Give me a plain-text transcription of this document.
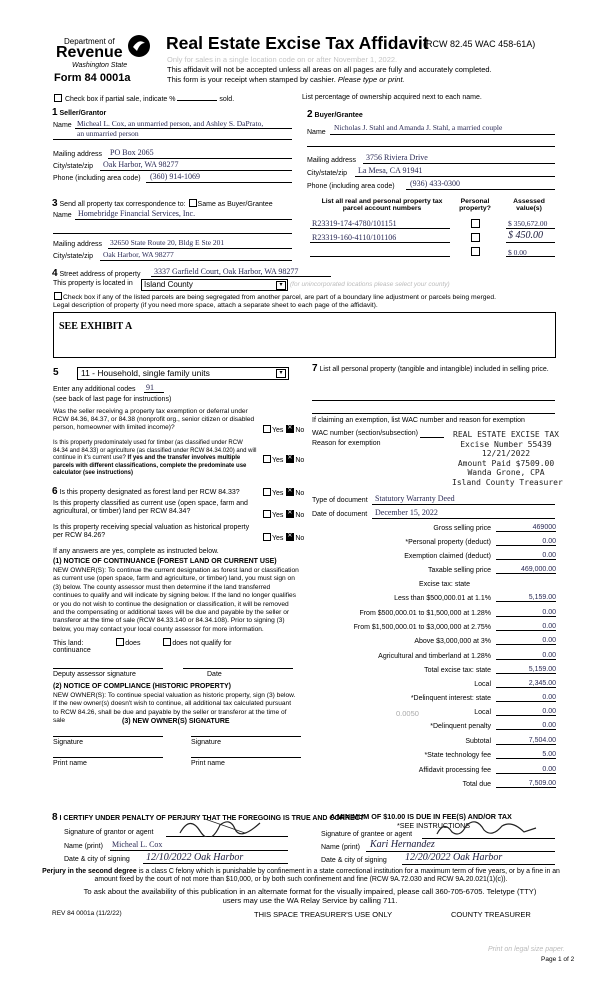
Department of
Revenue
Washington State
Form 84 0001a
Real Estate Excise Tax Affidavit
(RCW 82.45 WAC 458-61A)
Only for sales in a single location code on or after November 1, 2022.
This affidavit will not be accepted unless all areas on all pages are fully and accurately completed.
This form is your receipt when stamped by cashier. Please type or print.
Check box if partial sale, indicate %	sold.	List percentage of ownership acquired next to each name.
1 Seller/Grantor
Name Micheal L. Cox, an unmarried person, and Ashley S. DaPrato,
an unmarried person
Mailing address PO Box 2065
City/state/zip Oak Harbor, WA 98277
Phone (including area code) (360) 914-1069
2 Buyer/Grantee
Name
Nicholas J. Stahl and Amanda J. Stahl, a married couple
Mailing address 3756 Riviera Drive
City/state/zip La Mesa, CA 91941
Phone (including area code) (936) 433-0300
3 Send all property tax correspondence to: Same as Buyer/Grantee
Name Homebridge Financial Services, Inc.
Mailing address 32650 State Route 20, Bldg E Ste 201
City/state/zip Oak Harbor, WA 98277
List all real and personal property tax parcel account numbers
Personal property?
Assessed value(s)
R23319-174-4780/101151	$ 350,672.00
R23319-160-4110/101106	$ 450.00
$ 0.00
4 Street address of property 3337 Garfield Court, Oak Harbor, WA 98277
This property is located in Island County	▾	(for unincorporated locations please select your county)
Check box if any of the listed parcels are being segregated from another parcel, are part of a boundary line adjustment or parcels being merged.
Legal description of property (if you need more space, attach a separate sheet to each page of the affidavit).
SEE EXHIBIT A
5	11 - Household, single family units	▾
Enter any additional codes 91
(see back of last page for instructions)
Was the seller receiving a property tax exemption or deferral under RCW 84.36, 84.37, or 84.38 (nonprofit org., senior citizen or disabled person, homeowner with limited income)?	Yes ✕ No
Is this property predominately used for timber (as classified under RCW 84.34 and 84.33) or agriculture (as classified under RCW 84.34.020) and will continue in it's current use? If yes and the transfer involves multiple parcels with different classifications, complete the predominate use calculator (see instructions)
Yes ✕ No
6 Is this property designated as forest land per RCW 84.33?	Yes ✕ No
Is this property classified as current use (open space, farm and agricultural, or timber) land per RCW 84.34?
Yes ✕ No
Is this property receiving special valuation as historical property per RCW 84.26?	Yes ✕ No
If any answers are yes, complete as instructed below.
(1) NOTICE OF CONTINUANCE (FOREST LAND OR CURRENT USE)
NEW OWNER(S): To continue the current designation as forest land or classification as current use (open space, farm and agriculture, or timber) land, you must sign on (3) below. The county assessor must then determine if the land transferred continues to qualify and will indicate by signing below. If the land no longer qualifies or you do not wish to continue the designation or classification, it will be removed and the compensating or additional taxes will be due and payable by the seller or transferor at the time of sale (RCW 84.33.140 or 84.34.108). Prior to signing (3) below, you may contact your local county assessor for more information.
This land:	does	does not qualify for
continuance
Deputy assessor signature	Date
(2) NOTICE OF COMPLIANCE (HISTORIC PROPERTY)
NEW OWNER(S): To continue special valuation as historic property, sign (3) below. If the new owner(s) doesn't wish to continue, all additional tax calculated pursuant to RCW 84.26, shall be due and payable by the seller or transferor at the time of sale	(3) NEW OWNER(S) SIGNATURE
Signature	Signature
Print name	Print name
7 List all personal property (tangible and intangible) included in selling price.
If claiming an exemption, list WAC number and reason for exemption
WAC number (section/subsection)
Reason for exemption
REAL ESTATE EXCISE TAX
Excise Number 55439
12/21/2022
Amount Paid $7509.00
Wanda Grone, CPA
Island County Treasurer
Type of document Statutory Warranty Deed
Date of document December 15, 2022
Gross selling price	469000
*Personal property (deduct)	0.00
Exemption claimed (deduct)	0.00
Taxable selling price	469,000.00
Excise tax: state
Less than $500,000.01 at 1.1%	5,159.00
From $500,000.01 to $1,500,000 at 1.28%	0.00
From $1,500,000.01 to $3,000,000 at 2.75%	0.00
Above $3,000,000 at 3%	0.00
Agricultural and timberland at 1.28%	0.00
Total excise tax: state	5,159.00
Local	2,345.00
*Delinquent interest: state	0.00
Local	0.00
*Delinquent penalty	0.00
Subtotal	7,504.00
*State technology fee	5.00
Affidavit processing fee	0.00
Total due	7,509.00
0.0050
A MINIMUM OF $10.00 IS DUE IN FEE(S) AND/OR TAX
*SEE INSTRUCTIONS
8 I CERTIFY UNDER PENALTY OF PERJURY THAT THE FOREGOING IS TRUE AND CORRECT
Signature of grantor or agent
Name (print) Micheal L. Cox
Date & city of signing 12/10/2022 Oak Harbor
Signature of grantee or agent
Name (print) Kari Hernandez
Date & city of signing 12/20/2022 Oak Harbor
Perjury in the second degree is a class C felony which is punishable by confinement in a state correctional institution for a maximum term of five years, or by a fine in an amount fixed by the court of not more than $10,000, or by both such confinement and fine (RCW 9A.72.030 and RCW 9A.20.021(1)(c)).
To ask about the availability of this publication in an alternate format for the visually impaired, please call 360-705-6705. Teletype (TTY) users may use the WA Relay Service by calling 711.
REV 84 0001a (11/2/22)	THIS SPACE TREASURER'S USE ONLY	COUNTY TREASURER
Print on legal size paper.
Page 1 of 2
